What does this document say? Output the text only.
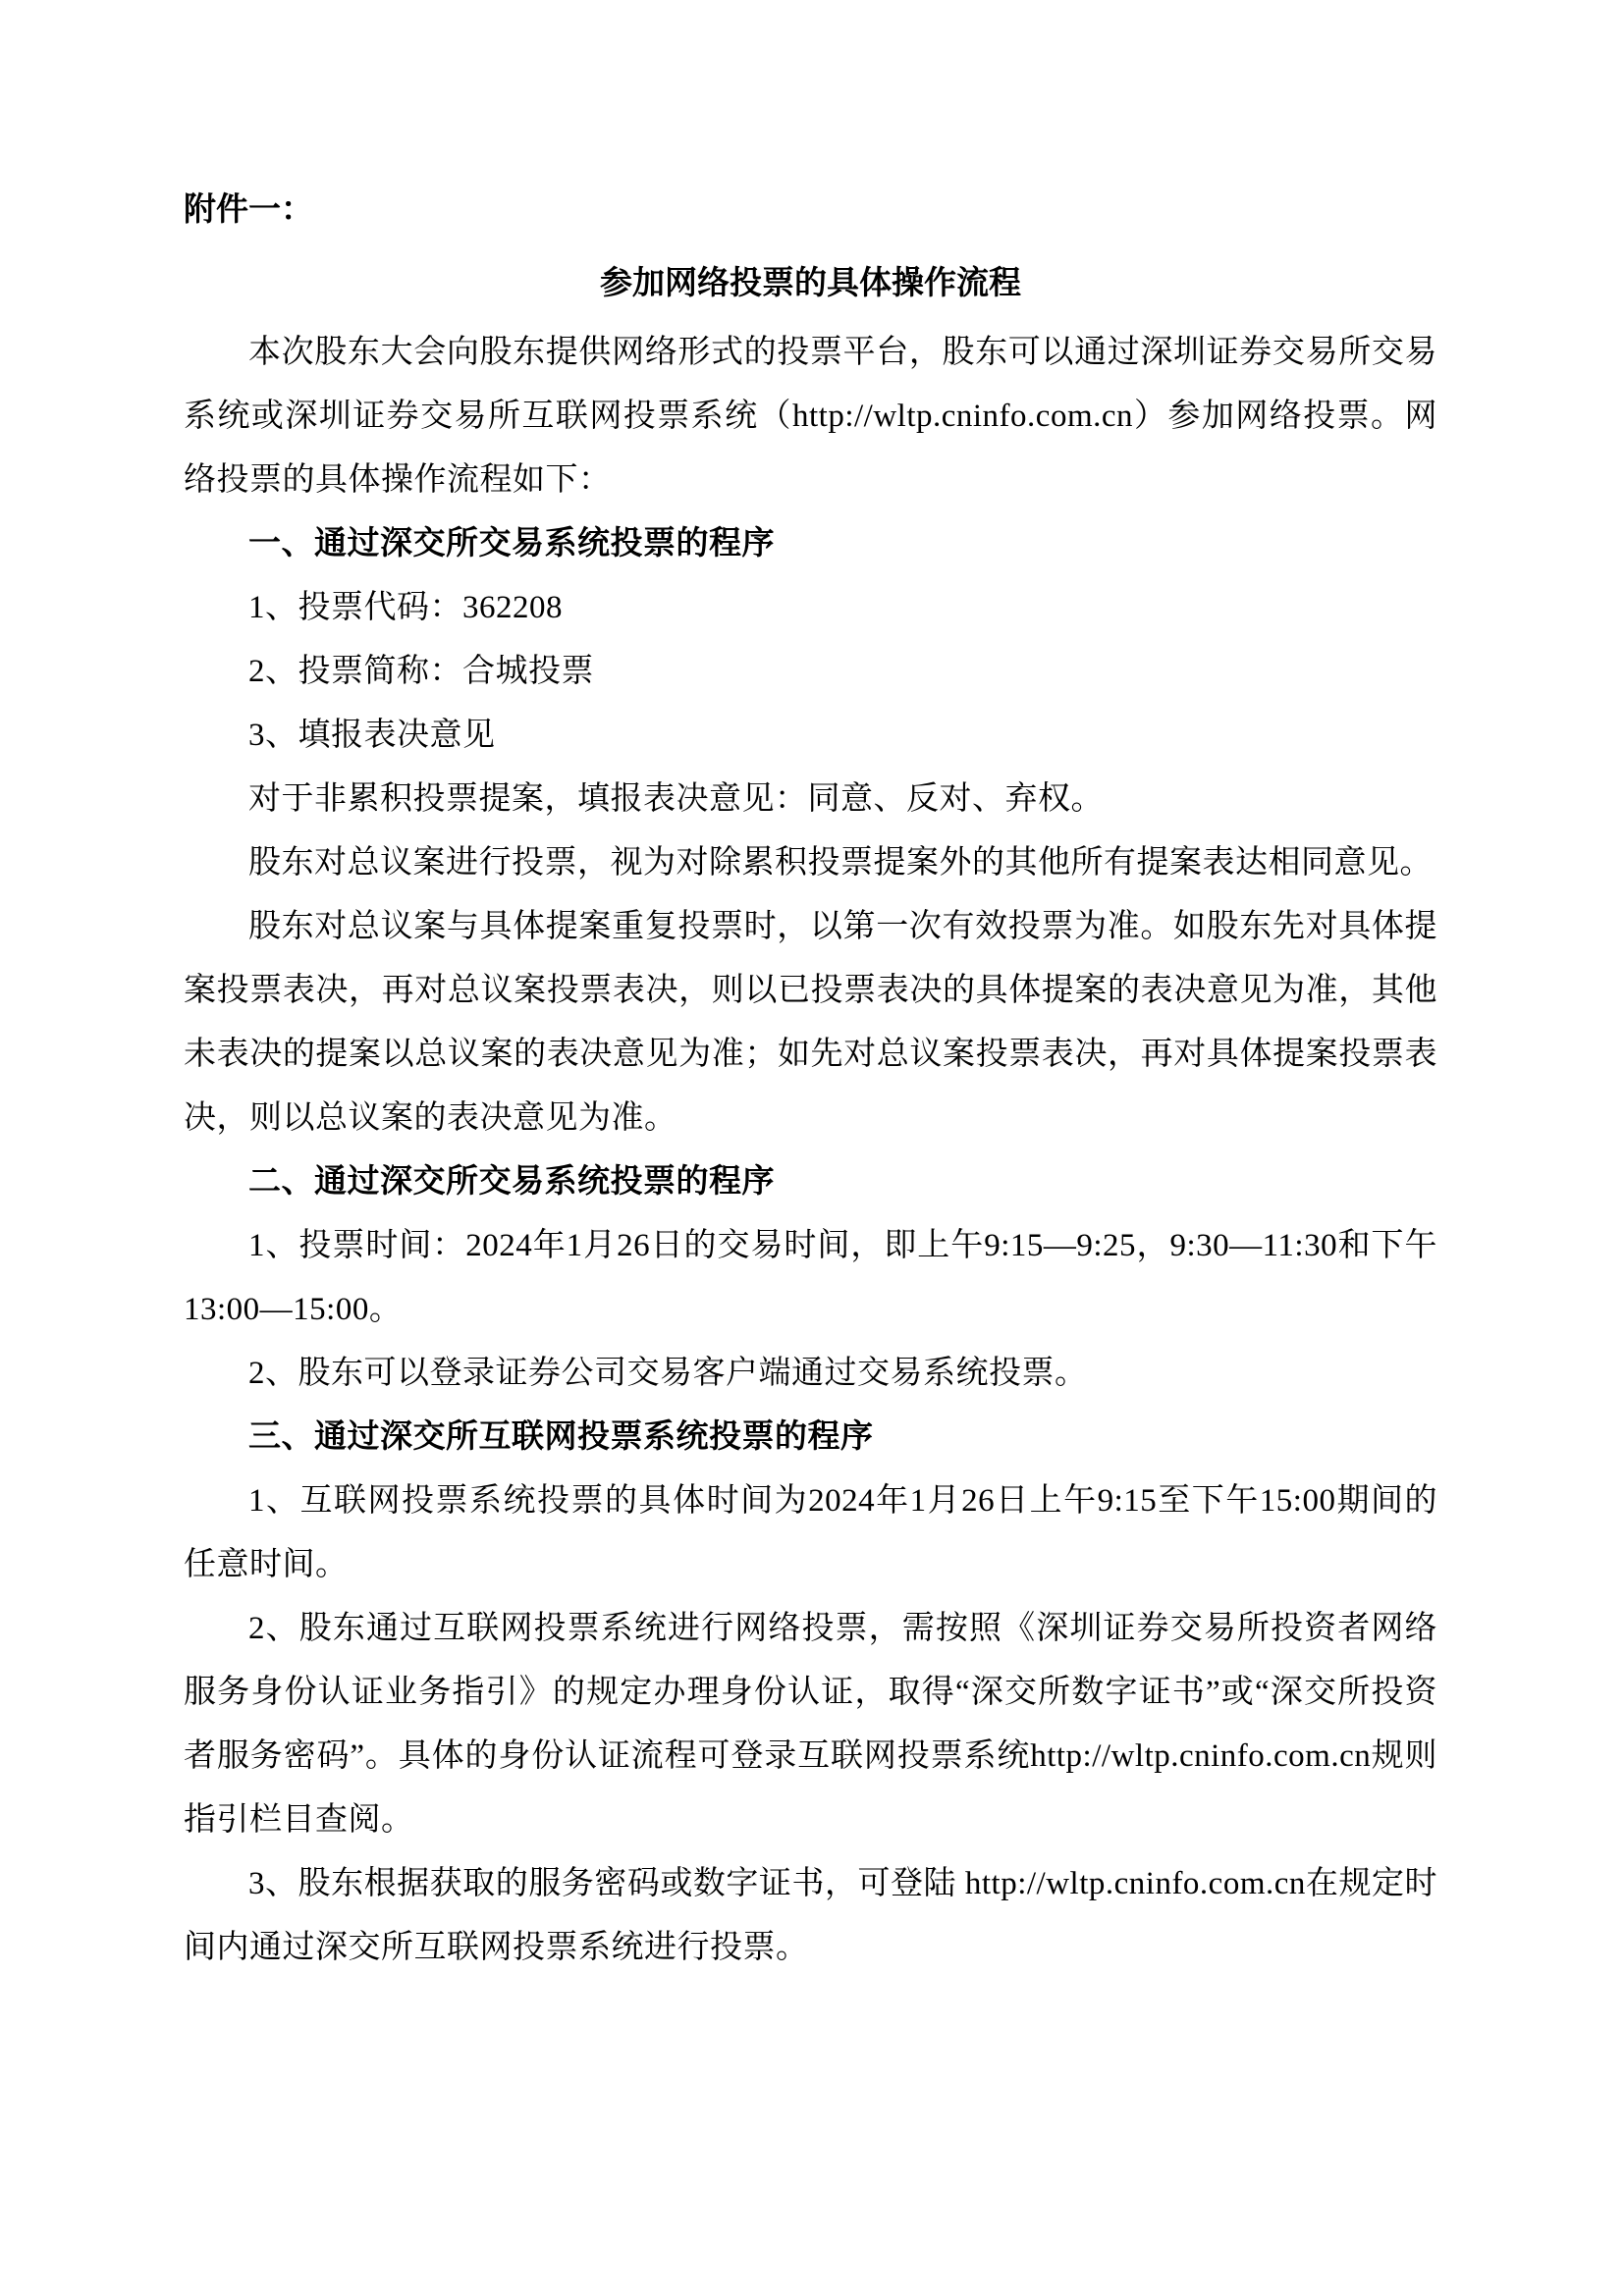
附件一：

参加网络投票的具体操作流程

本次股东大会向股东提供网络形式的投票平台，股东可以通过深圳证券交易所交易系统或深圳证券交易所互联网投票系统（http://wltp.cninfo.com.cn）参加网络投票。网络投票的具体操作流程如下：

一、通过深交所交易系统投票的程序

1、投票代码：362208

2、投票简称：合城投票

3、填报表决意见

对于非累积投票提案，填报表决意见：同意、反对、弃权。

股东对总议案进行投票，视为对除累积投票提案外的其他所有提案表达相同意见。

股东对总议案与具体提案重复投票时，以第一次有效投票为准。如股东先对具体提案投票表决，再对总议案投票表决，则以已投票表决的具体提案的表决意见为准，其他未表决的提案以总议案的表决意见为准；如先对总议案投票表决，再对具体提案投票表决，则以总议案的表决意见为准。

二、通过深交所交易系统投票的程序

1、投票时间：2024年1月26日的交易时间，即上午9:15—9:25，9:30—11:30和下午13:00—15:00。

2、股东可以登录证券公司交易客户端通过交易系统投票。

三、通过深交所互联网投票系统投票的程序

1、互联网投票系统投票的具体时间为2024年1月26日上午9:15至下午15:00期间的任意时间。

2、股东通过互联网投票系统进行网络投票，需按照《深圳证券交易所投资者网络服务身份认证业务指引》的规定办理身份认证，取得“深交所数字证书”或“深交所投资者服务密码”。具体的身份认证流程可登录互联网投票系统http://wltp.cninfo.com.cn规则指引栏目查阅。

3、股东根据获取的服务密码或数字证书，可登陆 http://wltp.cninfo.com.cn在规定时间内通过深交所互联网投票系统进行投票。
